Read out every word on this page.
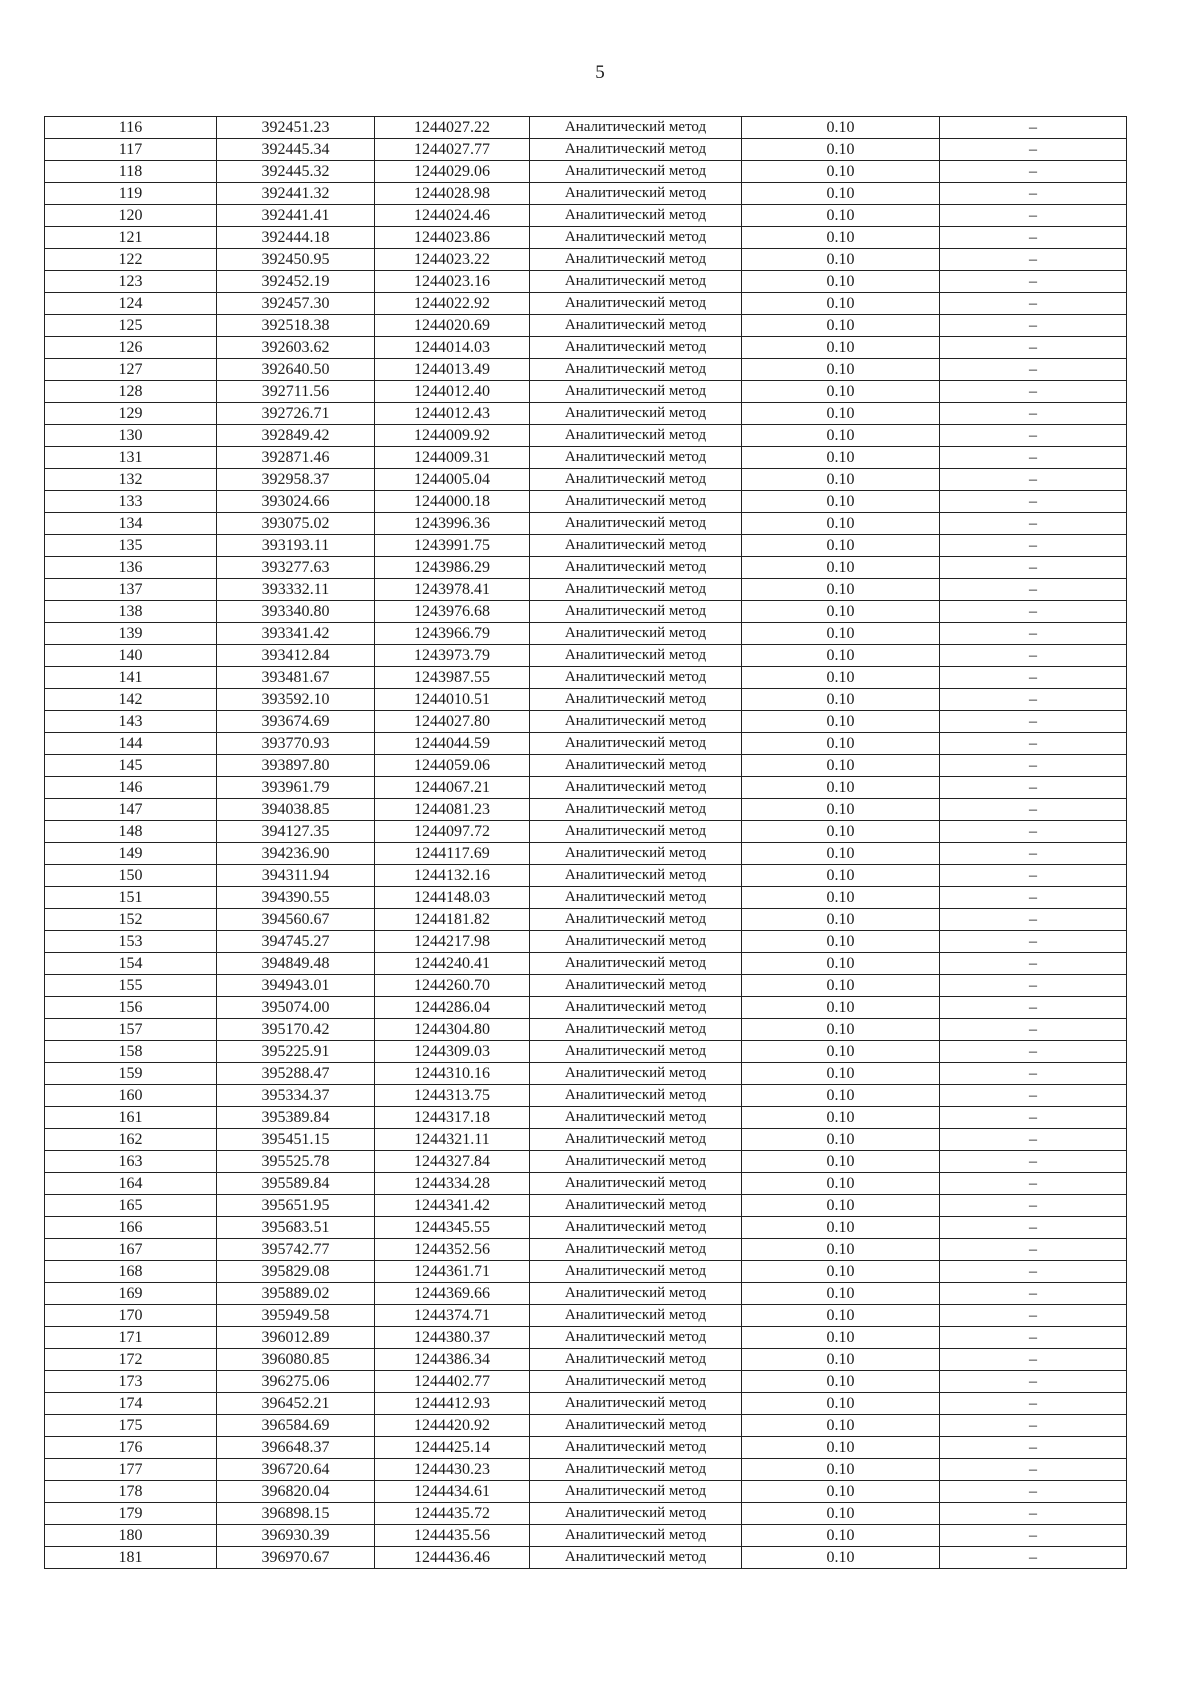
5
116	392451.23	1244027.22	Аналитический метод	0.10	–
117	392445.34	1244027.77	Аналитический метод	0.10	–
118	392445.32	1244029.06	Аналитический метод	0.10	–
119	392441.32	1244028.98	Аналитический метод	0.10	–
120	392441.41	1244024.46	Аналитический метод	0.10	–
121	392444.18	1244023.86	Аналитический метод	0.10	–
122	392450.95	1244023.22	Аналитический метод	0.10	–
123	392452.19	1244023.16	Аналитический метод	0.10	–
124	392457.30	1244022.92	Аналитический метод	0.10	–
125	392518.38	1244020.69	Аналитический метод	0.10	–
126	392603.62	1244014.03	Аналитический метод	0.10	–
127	392640.50	1244013.49	Аналитический метод	0.10	–
128	392711.56	1244012.40	Аналитический метод	0.10	–
129	392726.71	1244012.43	Аналитический метод	0.10	–
130	392849.42	1244009.92	Аналитический метод	0.10	–
131	392871.46	1244009.31	Аналитический метод	0.10	–
132	392958.37	1244005.04	Аналитический метод	0.10	–
133	393024.66	1244000.18	Аналитический метод	0.10	–
134	393075.02	1243996.36	Аналитический метод	0.10	–
135	393193.11	1243991.75	Аналитический метод	0.10	–
136	393277.63	1243986.29	Аналитический метод	0.10	–
137	393332.11	1243978.41	Аналитический метод	0.10	–
138	393340.80	1243976.68	Аналитический метод	0.10	–
139	393341.42	1243966.79	Аналитический метод	0.10	–
140	393412.84	1243973.79	Аналитический метод	0.10	–
141	393481.67	1243987.55	Аналитический метод	0.10	–
142	393592.10	1244010.51	Аналитический метод	0.10	–
143	393674.69	1244027.80	Аналитический метод	0.10	–
144	393770.93	1244044.59	Аналитический метод	0.10	–
145	393897.80	1244059.06	Аналитический метод	0.10	–
146	393961.79	1244067.21	Аналитический метод	0.10	–
147	394038.85	1244081.23	Аналитический метод	0.10	–
148	394127.35	1244097.72	Аналитический метод	0.10	–
149	394236.90	1244117.69	Аналитический метод	0.10	–
150	394311.94	1244132.16	Аналитический метод	0.10	–
151	394390.55	1244148.03	Аналитический метод	0.10	–
152	394560.67	1244181.82	Аналитический метод	0.10	–
153	394745.27	1244217.98	Аналитический метод	0.10	–
154	394849.48	1244240.41	Аналитический метод	0.10	–
155	394943.01	1244260.70	Аналитический метод	0.10	–
156	395074.00	1244286.04	Аналитический метод	0.10	–
157	395170.42	1244304.80	Аналитический метод	0.10	–
158	395225.91	1244309.03	Аналитический метод	0.10	–
159	395288.47	1244310.16	Аналитический метод	0.10	–
160	395334.37	1244313.75	Аналитический метод	0.10	–
161	395389.84	1244317.18	Аналитический метод	0.10	–
162	395451.15	1244321.11	Аналитический метод	0.10	–
163	395525.78	1244327.84	Аналитический метод	0.10	–
164	395589.84	1244334.28	Аналитический метод	0.10	–
165	395651.95	1244341.42	Аналитический метод	0.10	–
166	395683.51	1244345.55	Аналитический метод	0.10	–
167	395742.77	1244352.56	Аналитический метод	0.10	–
168	395829.08	1244361.71	Аналитический метод	0.10	–
169	395889.02	1244369.66	Аналитический метод	0.10	–
170	395949.58	1244374.71	Аналитический метод	0.10	–
171	396012.89	1244380.37	Аналитический метод	0.10	–
172	396080.85	1244386.34	Аналитический метод	0.10	–
173	396275.06	1244402.77	Аналитический метод	0.10	–
174	396452.21	1244412.93	Аналитический метод	0.10	–
175	396584.69	1244420.92	Аналитический метод	0.10	–
176	396648.37	1244425.14	Аналитический метод	0.10	–
177	396720.64	1244430.23	Аналитический метод	0.10	–
178	396820.04	1244434.61	Аналитический метод	0.10	–
179	396898.15	1244435.72	Аналитический метод	0.10	–
180	396930.39	1244435.56	Аналитический метод	0.10	–
181	396970.67	1244436.46	Аналитический метод	0.10	–
